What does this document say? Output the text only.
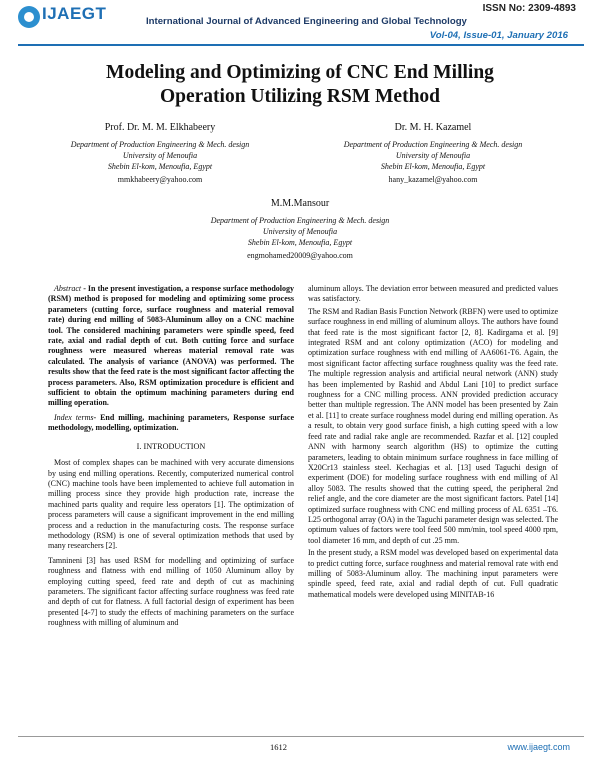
IJAEGT	ISSN No: 2309-4893
International Journal of Advanced Engineering and Global Technology
Vol-04, Issue-01, January 2016
Modeling and Optimizing of CNC End Milling
Operation Utilizing RSM Method
Prof. Dr. M. M. Elkhabeery
Department of Production Engineering & Mech. design
University of Menoufia
Shebin El-kom, Menoufia, Egypt
mmkhabeery@yahoo.com
Dr. M. H. Kazamel
Department of Production Engineering & Mech. design
University of Menoufia
Shebin El-kom, Menoufia, Egypt
hany_kazamel@yahoo.com
M.M.Mansour
Department of Production Engineering & Mech. design
University of Menoufia
Shebin El-kom, Menoufia, Egypt
engmohamed20009@yahoo.com

Abstract - In the present investigation, a response surface methodology (RSM) method is proposed for modeling and optimizing some process parameters (cutting force, surface roughness and material removal rate) during end milling of 5083-Aluminum alloy on a CNC machine tool. The considered machining parameters were spindle speed, feed rate, axial and radial depth of cut. Both cutting force and surface roughness were measured whereas material removal rate was calculated. The analysis of variance (ANOVA) was performed. The results show that the feed rate is the most significant factor affecting the process parameters. Also, RSM optimization procedure is efficient and sufficient to obtain the optimum machining parameters during end milling operation.

Index terms- End milling, machining parameters, Response surface methodology, modelling, optimization.

I. INTRODUCTION

Most of complex shapes can be machined with very accurate dimensions by using end milling operations. Recently, computerized numerical control (CNC) machine tools have been implemented to achieve full automation in milling process since they provide high production rate, increase the machined parts quality and require less operators [1]. The optimization of process parameters will cause a significant improvement in the end milling process and a reduction in the manufacturing costs. The response surface methodology (RSM) is one of several optimization methods that used by many researchers [2].

Tamnineni [3] has used RSM for modelling and optimizing of surface roughness and flatness with end milling of 1050 Aluminum alloy by employing cutting speed, feed rate and depth of cut as machining parameters. The significant factor affecting surface roughness was feed rate and depth of cut for flatness. A full factorial design of experiment has been presented [4-7] to study the effects of machining parameters on the surface roughness with milling of aluminum and

aluminum alloys. The deviation error between measured and predicted values was satisfactory.

The RSM and Radian Basis Function Network (RBFN) were used to optimize surface roughness in end milling of aluminum alloys. The authors have found that feed rate is the most significant factor [2, 8]. Kadirgama et al. [9] integrated RSM and ant colony optimization (ACO) for modeling and optimization surface roughness with end milling of AA6061-T6. Again, the most significant factor affecting surface roughness quality was the feed rate. The multiple regression analysis and artificial neural network (ANN) study has been implemented by Rashid and Abdul Lani [10] to predict surface roughness for a CNC milling process. ANN provided prediction accuracy better than multiple regression. The ANN model has been presented by Zain et al. [11] to create surface roughness model during end milling operation. As a result, to obtain very good surface finish, a high cutting speed with a low feed rate and radial rake angle are recommended. Razfar et al. [12] coupled ANN with harmony search algorithm (HS) to optimize the cutting parameters, leading to obtain minimum surface roughness in face milling of X20Cr13 stainless steel. Kechagias et al. [13] used Taguchi design of experiment (DOE) for modeling surface roughness with end milling of Al alloy 5083. The results showed that the cutting speed, the peripheral 2nd relief angle, and the core diameter are the most significant factors. Patel [14] optimized surface roughness with CNC end milling process of AL 6351 –T6. L25 orthogonal array (OA) in the Taguchi parameter design was selected. The optimum values of factors were tool feed 500 mm/min, tool speed 4000 rpm, tool diameter 16 mm, and depth of cut .25 mm.

In the present study, a RSM model was developed based on experimental data to predict cutting force, surface roughness and material removal rate with end milling of 5083-Aluminum alloy. The machining input parameters were spindle speed, feed rate, axial and radial depth of cut. Full quadratic mathematical models were developed using MINITAB-16

1612	www.ijaegt.com
